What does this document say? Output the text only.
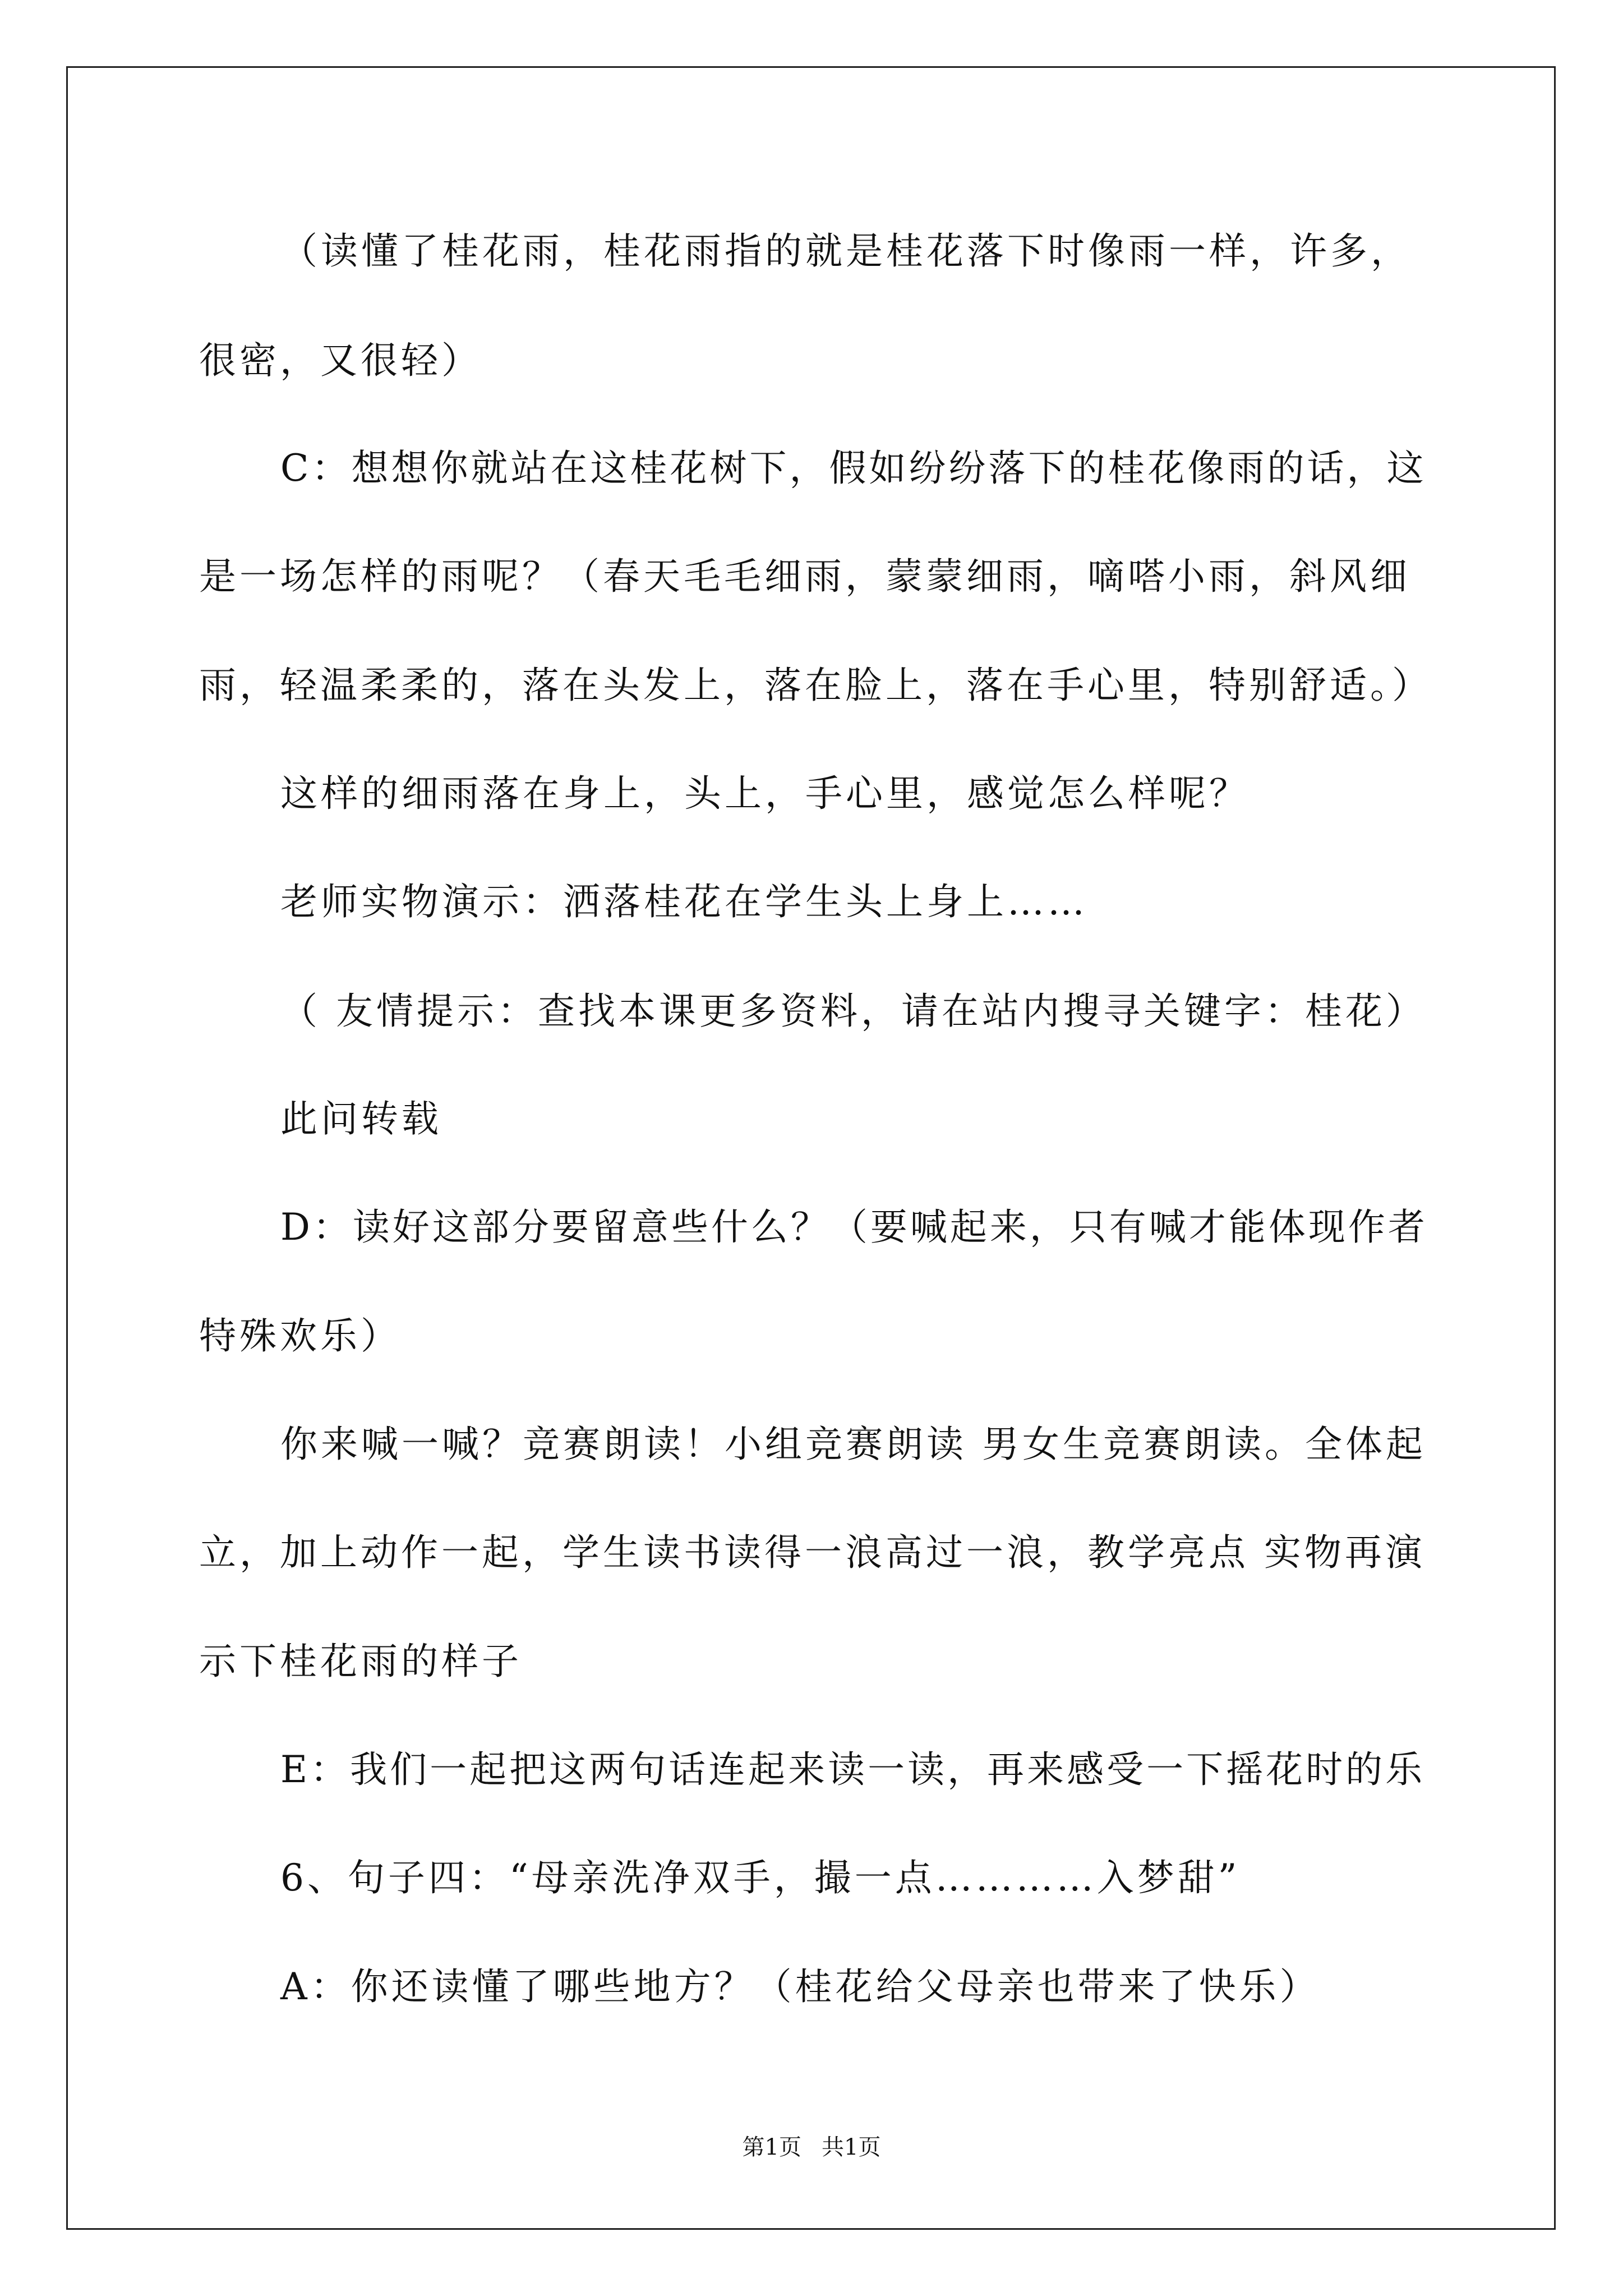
（读懂了桂花雨，桂花雨指的就是桂花落下时像雨一样，许多，
很密，又很轻）
C：想想你就站在这桂花树下，假如纷纷落下的桂花像雨的话，这
是一场怎样的雨呢？（春天毛毛细雨，蒙蒙细雨，嘀嗒小雨，斜风细
雨，轻温柔柔的，落在头发上，落在脸上，落在手心里，特别舒适。）
这样的细雨落在身上，头上，手心里，感觉怎么样呢？
老师实物演示：洒落桂花在学生头上身上……
（ 友情提示：查找本课更多资料，请在站内搜寻关键字：桂花）
此问转载
D：读好这部分要留意些什么？（要喊起来，只有喊才能体现作者
特殊欢乐）
你来喊一喊？竞赛朗读！小组竞赛朗读 男女生竞赛朗读。全体起
立，加上动作一起，学生读书读得一浪高过一浪，教学亮点 实物再演
示下桂花雨的样子
E：我们一起把这两句话连起来读一读，再来感受一下摇花时的乐
6、句子四：“母亲洗净双手，撮一点…………入梦甜”
A：你还读懂了哪些地方？（桂花给父母亲也带来了快乐）
第1页 共1页
